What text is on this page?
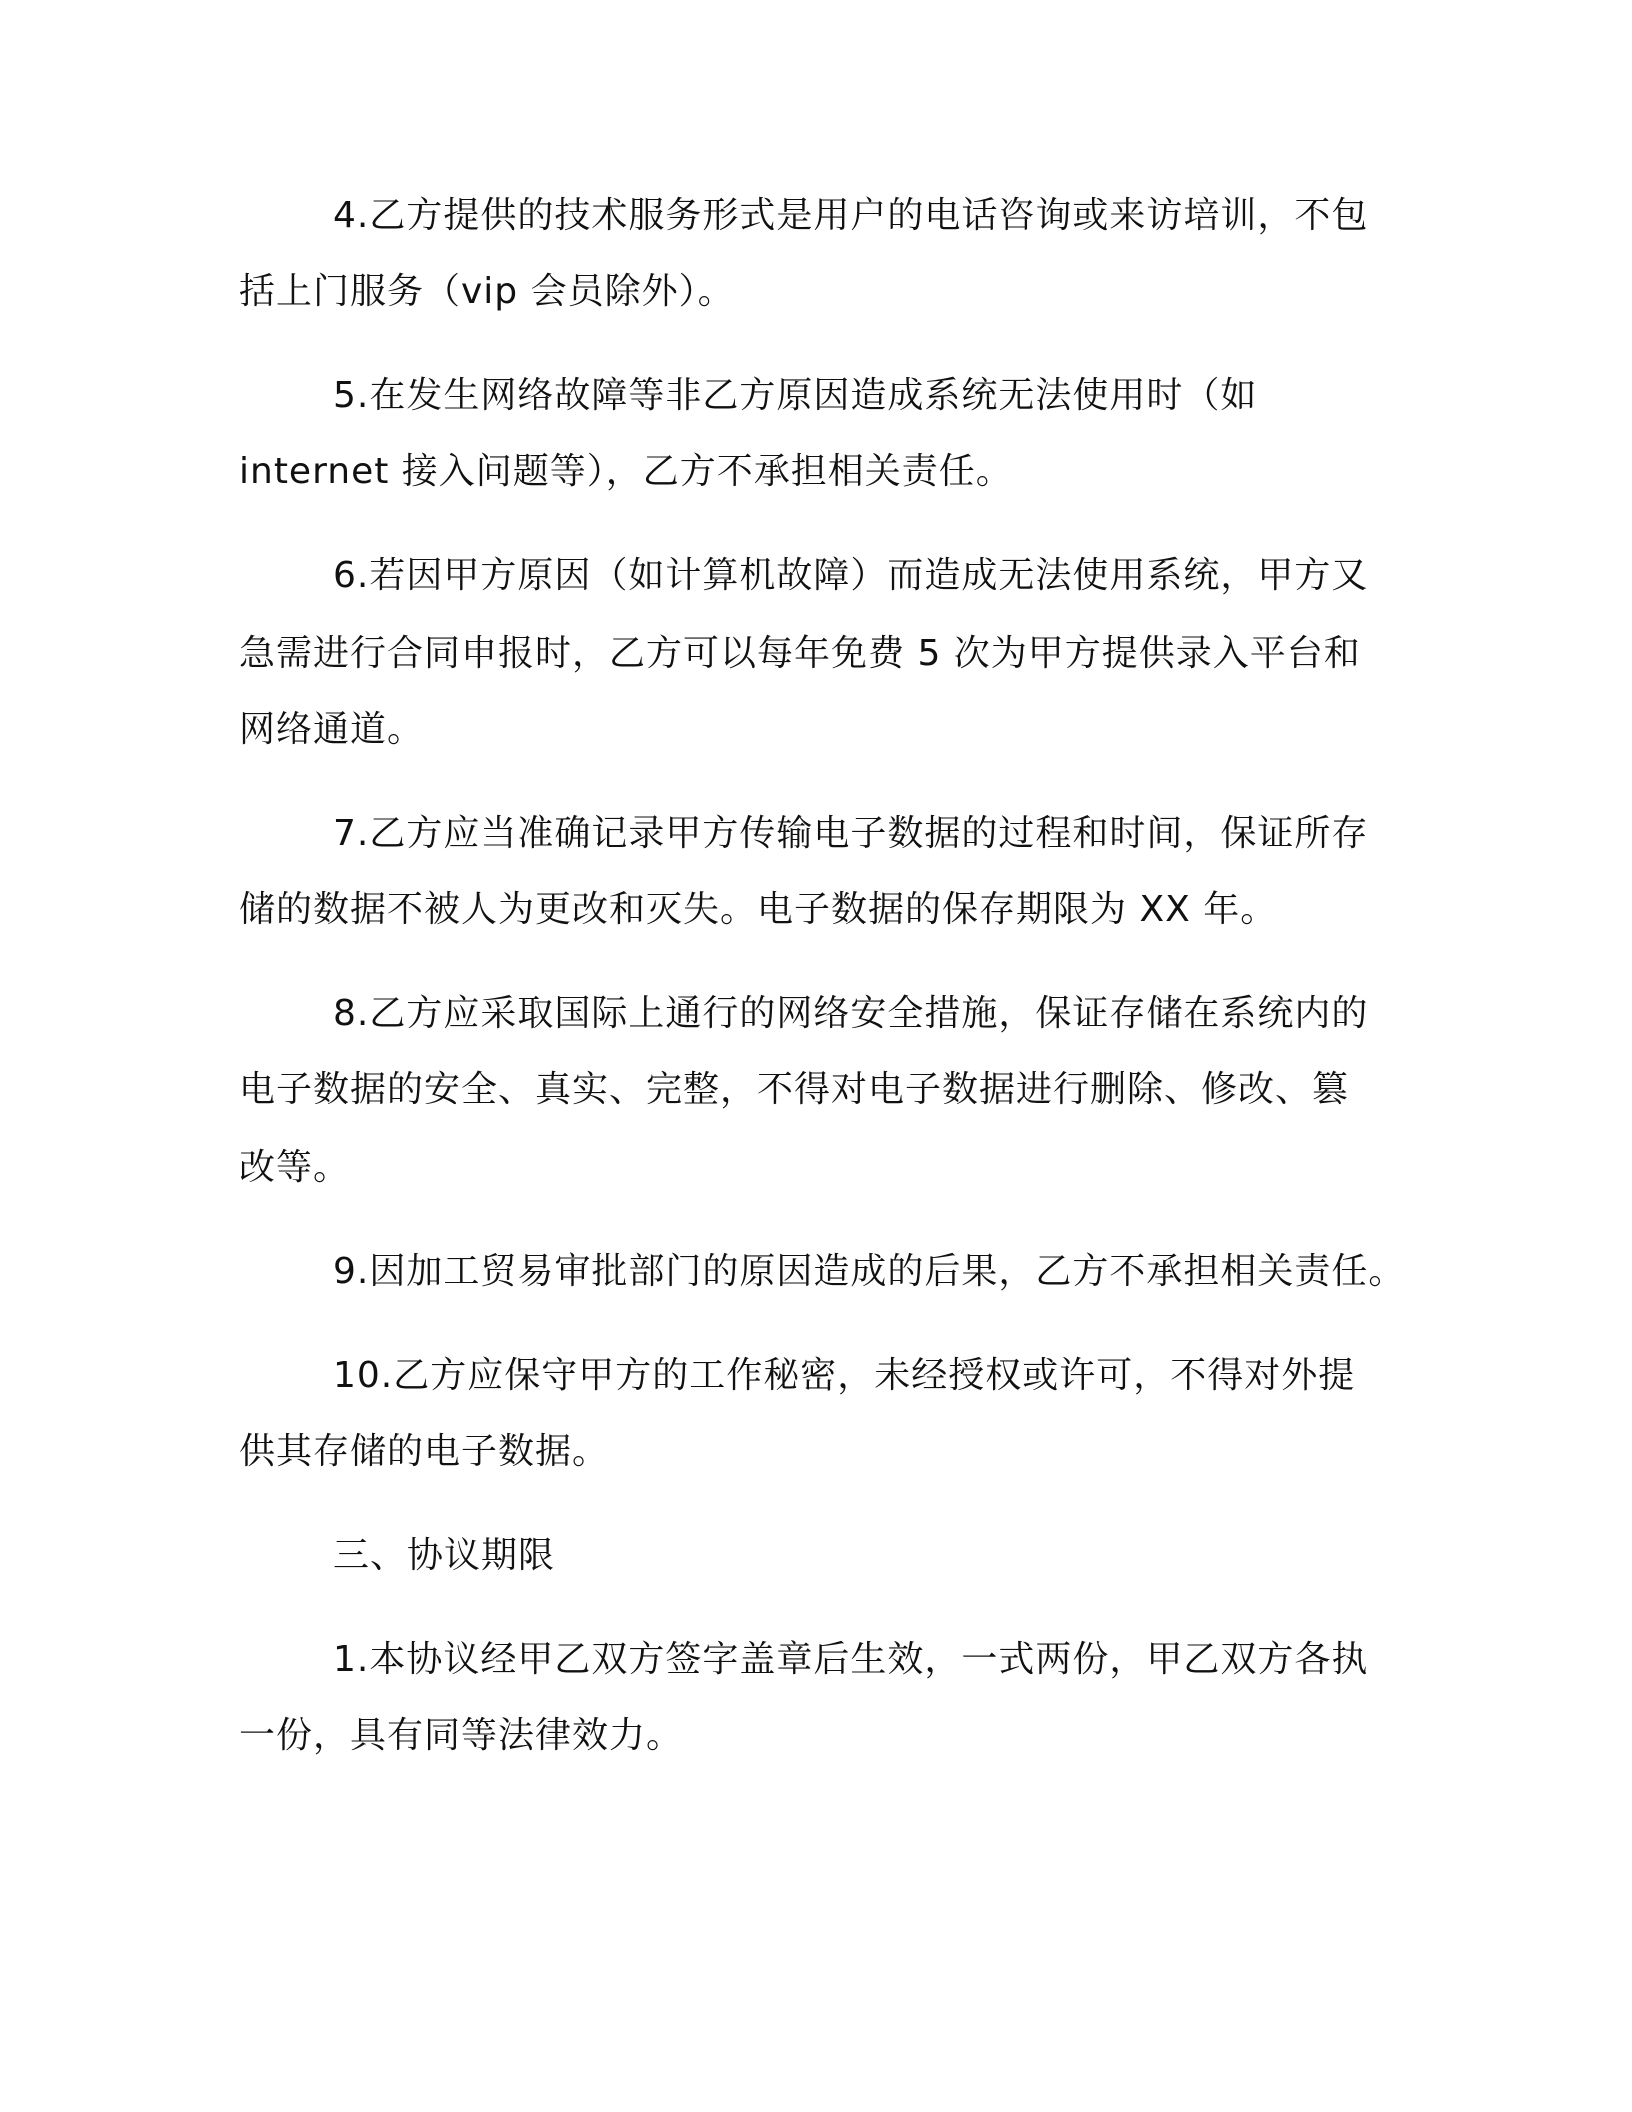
4.乙方提供的技术服务形式是用户的电话咨询或来访培训，不包

括上门服务（vip 会员除外）。

5.在发生网络故障等非乙方原因造成系统无法使用时（如

internet 接入问题等），乙方不承担相关责任。

6.若因甲方原因（如计算机故障）而造成无法使用系统，甲方又

急需进行合同申报时，乙方可以每年免费 5 次为甲方提供录入平台和

网络通道。

7.乙方应当准确记录甲方传输电子数据的过程和时间，保证所存

储的数据不被人为更改和灭失。电子数据的保存期限为 XX 年。

8.乙方应采取国际上通行的网络安全措施，保证存储在系统内的

电子数据的安全、真实、完整，不得对电子数据进行删除、修改、篡

改等。

9.因加工贸易审批部门的原因造成的后果，乙方不承担相关责任。

10.乙方应保守甲方的工作秘密，未经授权或许可，不得对外提

供其存储的电子数据。

三、协议期限

1.本协议经甲乙双方签字盖章后生效，一式两份，甲乙双方各执

一份，具有同等法律效力。
